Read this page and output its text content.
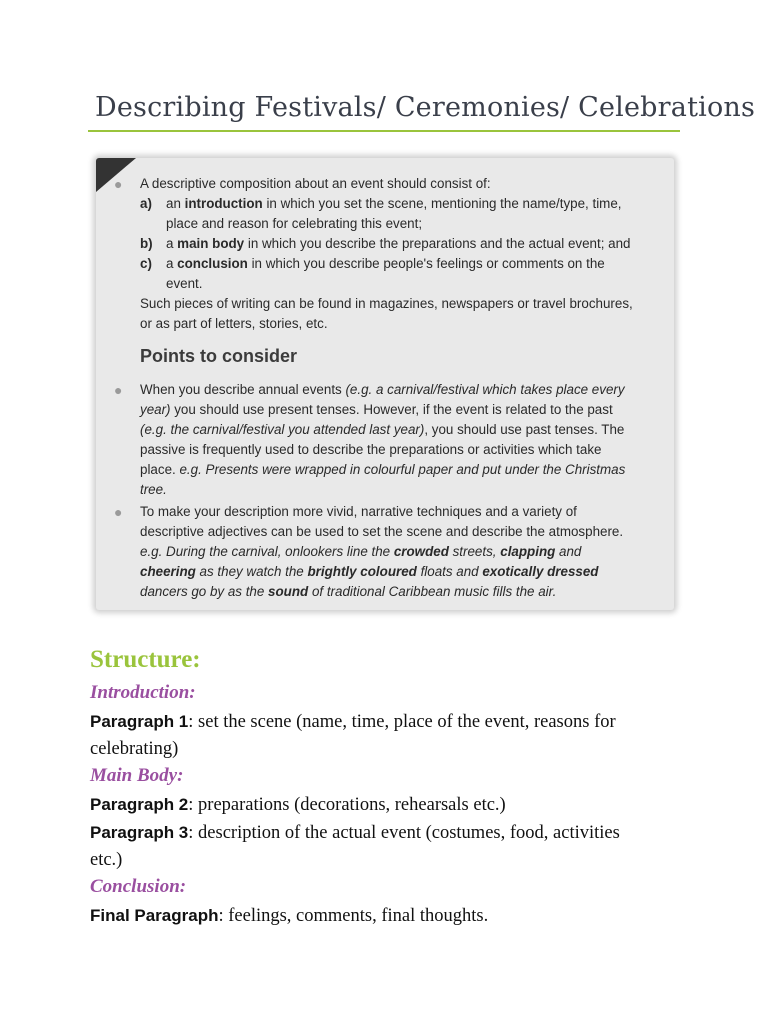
Describing Festivals/ Ceremonies/ Celebrations
●	A descriptive composition about an event should consist of:
a)	an introduction in which you set the scene, mentioning the name/type, time,
place and reason for celebrating this event;
b) a main body in which you describe the preparations and the actual event; and
c)	a conclusion in which you describe people's feelings or comments on the
event.
Such pieces of writing can be found in magazines, newspapers or travel brochures,
or as part of letters, stories, etc.
Points to consider
●	When you describe annual events (e.g. a carnival/festival which takes place every
year) you should use present tenses. However, if the event is related to the past
(e.g. the carnival/festival you attended last year), you should use past tenses. The
passive is frequently used to describe the preparations or activities which take
place. e.g. Presents were wrapped in colourful paper and put under the Christmas
tree.
●	To make your description more vivid, narrative techniques and a variety of
descriptive adjectives can be used to set the scene and describe the atmosphere.
e.g. During the carnival, onlookers line the crowded streets, clapping and
cheering as they watch the brightly coloured floats and exotically dressed
dancers go by as the sound of traditional Caribbean music fills the air.
Structure:
Introduction:
Paragraph 1: set the scene (name, time, place of the event, reasons for
celebrating)
Main Body:
Paragraph 2: preparations (decorations, rehearsals etc.)
Paragraph 3: description of the actual event (costumes, food, activities
etc.)
Conclusion:
Final Paragraph: feelings, comments, final thoughts.
